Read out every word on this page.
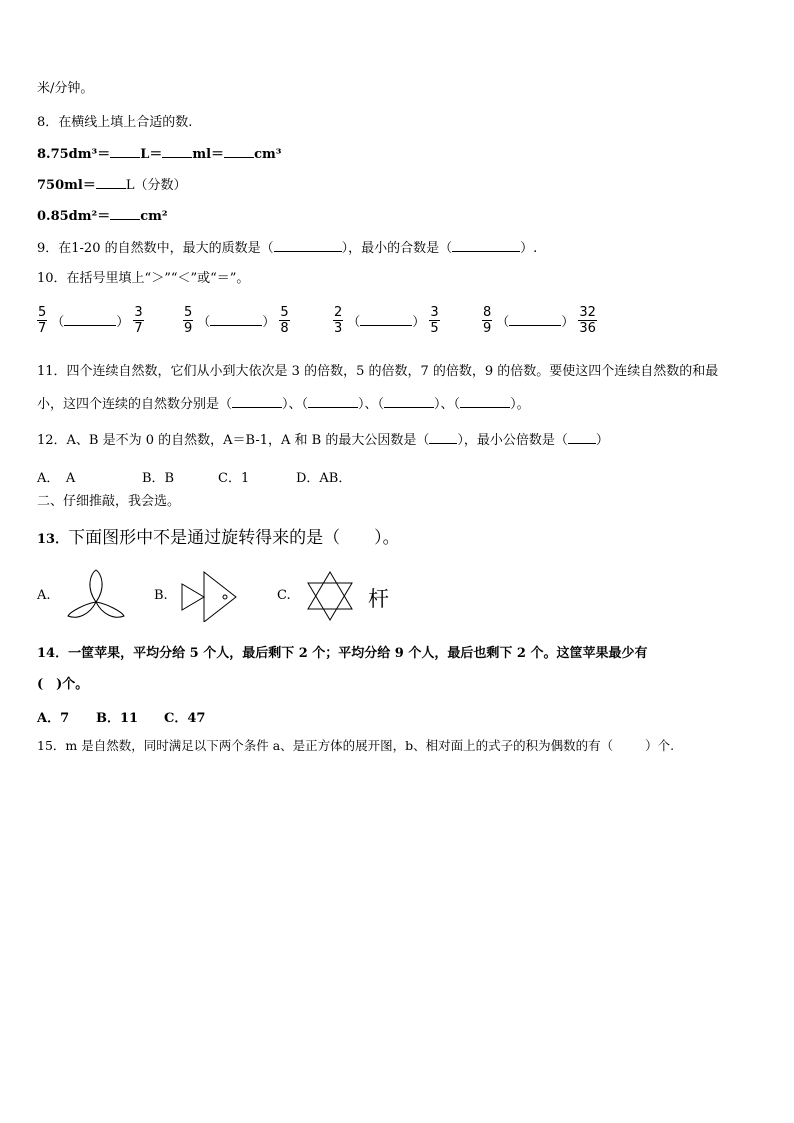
米/分钟。
8．在横线上填上合适的数.
8.75dm³＝ L＝ ml＝ cm³
750ml＝ L（分数）
0.85dm²＝ cm²
9．在1-20 的自然数中，最大的质数是（	），最小的合数是（	）.
10．在括号里填上“＞”“＜”或“＝”。
$\frac{5}{7}$ （	） $\frac{3}{7}$	$\frac{5}{9}$ （	） $\frac{5}{8}$	$\frac{2}{3}$ （	） $\frac{3}{5}$	$\frac{8}{9}$ （	） $\frac{32}{36}$
11．四个连续自然数，它们从小到大依次是 3 的倍数，5 的倍数，7 的倍数，9 的倍数。要使这四个连续自然数的和最
小，这四个连续的自然数分别是（	）、（	）、（	）、（	）。
12．A、B 是不为 0 的自然数，A＝B-1，A 和 B 的最大公因数是（ ），最小公倍数是（ ）
A．　A	B．B	C．1	D．AB．
二、仔细推敲，我会选。
13．下面图形中不是通过旋转得来的是（　　）。
A.	B.	C.	杆
14．一筐苹果，平均分给 5 个人，最后剩下 2 个；平均分给 9 个人，最后也剩下 2 个。这筐苹果最少有
(　)个。
A．7 B．11 C．47
15．m 是自然数，同时满足以下两个条件 a、是正方体的展开图，b、相对面上的式子的积为偶数的有（	）个.
